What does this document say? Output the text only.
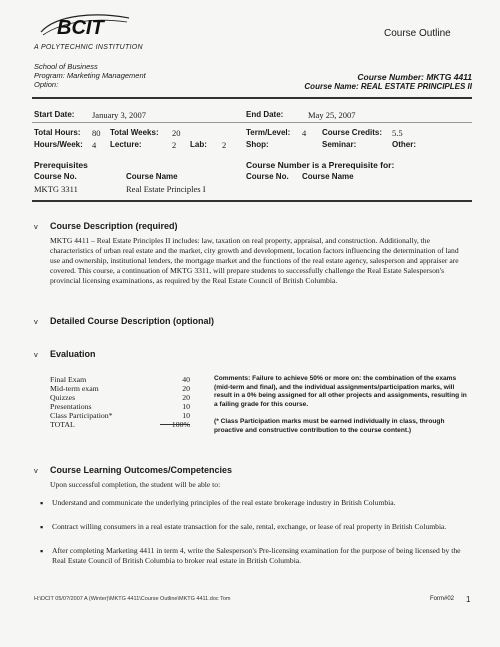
BCIT
A POLYTECHNIC INSTITUTION
Course Outline
School of Business
Program: Marketing Management
Option:
Course Number: MKTG 4411
Course Name: REAL ESTATE PRINCIPLES II
Start Date: January 3, 2007	End Date:	May 25, 2007
Total Hours: 80 Total Weeks: 20	Term/Level: 4 Course Credits: 5.5
Hours/Week: 4 Lecture:	2 Lab: 2 Shop:	Seminar:	Other:
Prerequisites
Course No.	Course Name
MKTG 3311	Real Estate Principles I
Course Number is a Prerequisite for:
Course No. Course Name
v Course Description (required)
MKTG 4411 – Real Estate Principles II includes: law, taxation on real property, appraisal, and construction. Additionally, the characteristics of urban real estate and the market, city growth and development, location factors influencing the determination of land use and ownership, institutional lenders, the mortgage market and the functions of the real estate agency, salesperson and appraiser are covered. This course, a continuation of MKTG 3311, will prepare students to successfully challenge the Real Estate Salesperson's provincial licensing examinations, as required by the Real Estate Council of British Columbia.
v Detailed Course Description (optional)
v Evaluation
Final Exam	40
Mid-term exam	20
Quizzes	20
Presentations	10
Class Participation*	10
TOTAL	100%
Comments: Failure to achieve 50% or more on: the combination of the exams (mid-term and final), and the individual assignments/participation marks, will result in a 0% being assigned for all other projects and assignments, resulting in a failing grade for this course.
(* Class Participation marks must be earned individually in class, through proactive and constructive contribution to the course content.)
v Course Learning Outcomes/Competencies
Upon successful completion, the student will be able to:
▪ Understand and communicate the underlying principles of the real estate brokerage industry in British Columbia.
▪ Contract willing consumers in a real estate transaction for the sale, rental, exchange, or lease of real property in British Columbia.
▪ After completing Marketing 4411 in term 4, write the Salesperson's Pre-licensing examination for the purpose of being licensed by the Real Estate Council of British Columbia to broker real estate in British Columbia.
H:\DCIT 05/0?/2007 A (Winter)\MKTG 4411\Course Outline\MKTG 4411.doc Tom	Form#02 1
